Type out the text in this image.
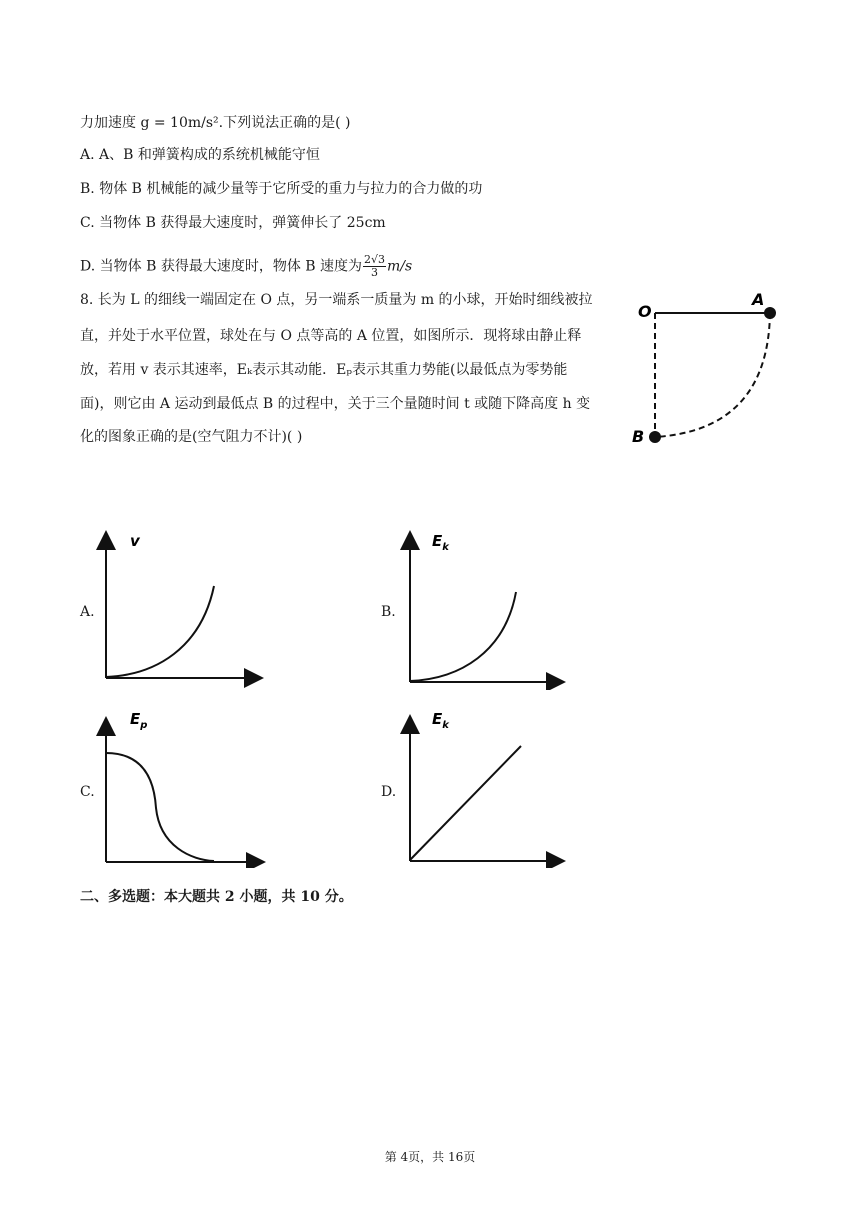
力加速度 g = 10m/s².下列说法正确的是( )
A. A、B 和弹簧构成的系统机械能守恒
B. 物体 B 机械能的减少量等于它所受的重力与拉力的合力做的功
C. 当物体 B 获得最大速度时，弹簧伸长了 25cm
D. 当物体 B 获得最大速度时，物体 B 速度为 $\frac{2√3}{3} m/s$
8. 长为 L 的细线一端固定在 O 点，另一端系一质量为 m 的小球，开始时细线被拉
直，并处于水平位置，球处在与 O 点等高的 A 位置，如图所示．现将球由静止释
放，若用 v 表示其速率，Eₖ表示其动能．Eₚ表示其重力势能(以最低点为零势能
面)，则它由 A 运动到最低点 B 的过程中，关于三个量随时间 t 或随下降高度 h 变
化的图象正确的是(空气阻力不计)( )
O
A
B
A.	B.
C.	D.
v	$E_k$
$E_p$	$E_k$
二、多选题：本大题共 2 小题，共 10 分。
第 4页，共 16页
